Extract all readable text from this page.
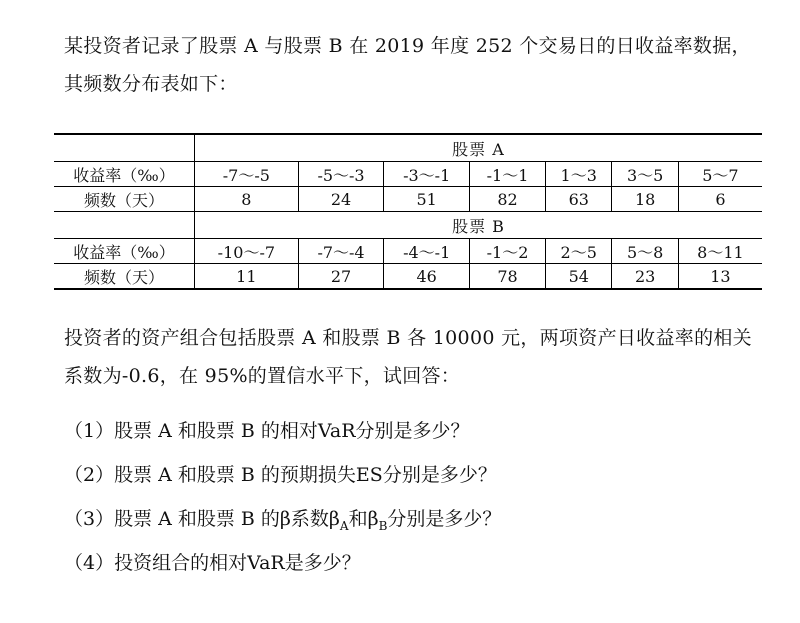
某投资者记录了股票 A 与股票 B 在 2019 年度 252 个交易日的日收益率数据，其频数分布表如下：
	股票 A						
收益率（‰）	-7～-5	-5～-3	-3～-1	-1～1	1～3	3～5	5～7
频数（天）	8	24	51	82	63	18	6
	股票 B						
收益率（‰）	-10～-7	-7～-4	-4～-1	-1～2	2～5	5～8	8～11
频数（天）	11	27	46	78	54	23	13
投资者的资产组合包括股票 A 和股票 B 各 10000 元，两项资产日收益率的相关系数为-0.6，在 95%的置信水平下，试回答：
（1）股票 A 和股票 B 的相对VaR分别是多少？
（2）股票 A 和股票 B 的预期损失ES分别是多少？
（3）股票 A 和股票 B 的β系数$\beta_A$和$\beta_B$分别是多少？
（4）投资组合的相对VaR是多少？
